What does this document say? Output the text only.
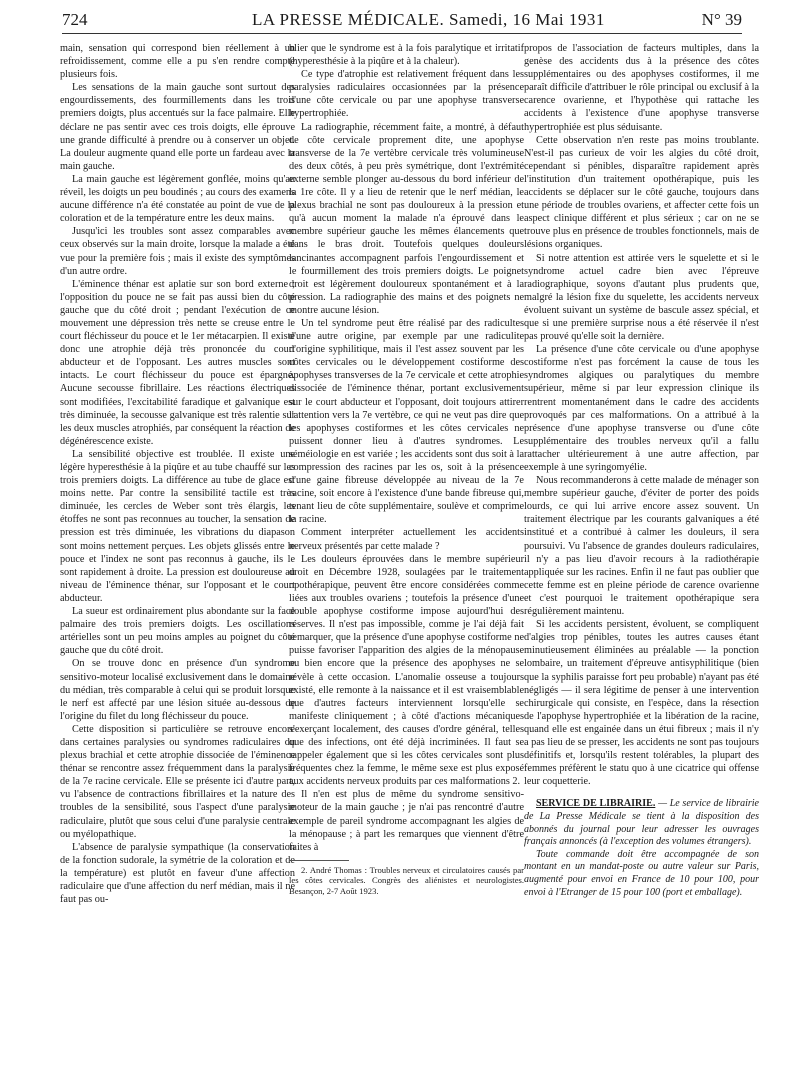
724	LA PRESSE MÉDICALE. Samedi, 16 Mai 1931	N° 39

main, sensation qui correspond bien réellement à un refroidissement, comme elle a pu s'en rendre compte plusieurs fois.

Les sensations de la main gauche sont surtout des engourdissements, des fourmillements dans les trois premiers doigts, plus accentués sur la face palmaire. Elle déclare ne pas sentir avec ces trois doigts, elle éprouve une grande difficulté à prendre ou à conserver un objet. La douleur augmente quand elle porte un fardeau avec la main gauche.

La main gauche est légèrement gonflée, moins qu'au réveil, les doigts un peu boudinés ; au cours des examens aucune différence n'a été constatée au point de vue de la coloration et de la température entre les deux mains.

Jusqu'ici les troubles sont assez comparables avec ceux observés sur la main droite, lorsque la malade a été vue pour la première fois ; mais il existe des symptômes d'un autre ordre.

L'éminence thénar est aplatie sur son bord externe ; l'opposition du pouce ne se fait pas aussi bien du côté gauche que du côté droit ; pendant l'exécution de ce mouvement une dépression très nette se creuse entre le court fléchisseur du pouce et le 1er métacarpien. Il existe donc une atrophie déjà très prononcée du court abducteur et de l'opposant. Les autres muscles sont intacts. Le court fléchisseur du pouce est épargné. Aucune secousse fibrillaire. Les réactions électriques sont modifiées, l'excitabilité faradique et galvanique est très diminuée, la secousse galvanique est très ralentie sur les deux muscles atrophiés, par conséquent la réaction de dégénérescence existe.

La sensibilité objective est troublée. Il existe une légère hyperesthésie à la piqûre et au tube chauffé sur les trois premiers doigts. La différence au tube de glace est moins nette. Par contre la sensibilité tactile est très diminuée, les cercles de Weber sont très élargis, les étoffes ne sont pas reconnues au toucher, la sensation de pression est très diminuée, les vibrations du diapason sont moins nettement perçues. Les objets glissés entre le pouce et l'index ne sont pas reconnus à gauche, ils le sont rapidement à droite. La pression est douloureuse au niveau de l'éminence thénar, sur l'opposant et le court abducteur.

La sueur est ordinairement plus abondante sur la face palmaire des trois premiers doigts. Les oscillations artérielles sont un peu moins amples au poignet du côté gauche que du côté droit.

On se trouve donc en présence d'un syndrome sensitivo-moteur localisé exclusivement dans le domaine du médian, très comparable à celui qui se produit lorsque le nerf est affecté par une lésion située au-dessous de l'origine du filet du long fléchisseur du pouce.

Cette disposition si particulière se retrouve encore dans certaines paralysies ou syndromes radiculaires du plexus brachial et cette atrophie dissociée de l'éminence thénar se rencontre assez fréquemment dans la paralysie de la 7e racine cervicale. Elle se présente ici d'autre part, vu l'absence de contractions fibrillaires et la nature des troubles de la sensibilité, sous l'aspect d'une paralysie radiculaire, plutôt que sous celui d'une paralysie centrale ou myélopathique.

L'absence de paralysie sympathique (la conservation de la fonction sudorale, la symétrie de la coloration et de la température) est plutôt en faveur d'une affection radiculaire que d'une affection du nerf médian, mais il ne faut pas ou-

blier que le syndrome est à la fois paralytique et irritatif (hyperesthésie à la piqûre et à la chaleur).

Ce type d'atrophie est relativement fréquent dans les paralysies radiculaires occasionnées par la présence d'une côte cervicale ou par une apophyse transverse hypertrophiée.

La radiographie, récemment faite, a montré, à défaut de côte cervicale proprement dite, une apophyse transverse de la 7e vertèbre cervicale très volumineuse des deux côtés, à peu près symétrique, dont l'extrémité externe semble plonger au-dessous du bord inférieur de la 1re côte. Il y a lieu de retenir que le nerf médian, le plexus brachial ne sont pas douloureux à la pression et qu'à aucun moment la malade n'a éprouvé dans le membre supérieur gauche les mêmes élancements que dans le bras droit. Toutefois quelques douleurs lancinantes accompagnent parfois l'engourdissement et le fourmillement des trois premiers doigts. Le poignet droit est légèrement douloureux spontanément et à la pression. La radiographie des mains et des poignets ne montre aucune lésion.

Un tel syndrome peut être réalisé par des radicultes d'une autre origine, par exemple par une radiculite d'origine syphilitique, mais il l'est assez souvent par les côtes cervicales ou le développement costiforme des apophyses transverses de la 7e cervicale et cette atrophie dissociée de l'éminence thénar, portant exclusivement sur le court abducteur et l'opposant, doit toujours attirer l'attention vers la 7e vertèbre, ce qui ne veut pas dire que les apophyses costiformes et les côtes cervicales ne puissent donner lieu à d'autres syndromes. Le séméiologie en est variée ; les accidents sont dus soit à la compression des racines par les os, soit à la présence d'une gaine fibreuse développée au niveau de la 7e racine, soit encore à l'existence d'une bande fibreuse qui, tenant lieu de côte supplémentaire, soulève et comprime la racine.

Comment interpréter actuellement les accidents nerveux présentés par cette malade ?

Les douleurs éprouvées dans le membre supérieur droit en Décembre 1928, soulagées par le traitement opothérapique, peuvent être encore considérées comme liées aux troubles ovariens ; toutefois la présence d'une double apophyse costiforme impose aujourd'hui des réserves. Il n'est pas impossible, comme je l'ai déjà fait remarquer, que la présence d'une apophyse costiforme ne puisse favoriser l'apparition des algies de la ménopause ou bien encore que la présence des apophyses ne se révèle à cette occasion. L'anomalie osseuse a toujours existé, elle remonte à la naissance et il est vraisemblable que d'autres facteurs interviennent lorsqu'elle se manifeste cliniquement ; à côté d'actions mécaniques s'exerçant localement, des causes d'ordre général, telles que des infections, ont été déjà incriminées. Il faut se rappeler également que si les côtes cervicales sont plus fréquentes chez la femme, le même sexe est plus exposé aux accidents nerveux produits par ces malformations 2.

Il n'en est plus de même du syndrome sensitivo-moteur de la main gauche ; je n'ai pas rencontré d'autre exemple de pareil syndrome accompagnant les algies de la ménopause ; à part les remarques que viennent d'être faites à

2. André Thomas : Troubles nerveux et circulatoires causés par les côtes cervicales. Congrès des aliénistes et neurologistes. Besançon, 2-7 Août 1923.

propos de l'association de facteurs multiples, dans la genèse des accidents dus à la présence des côtes supplémentaires ou des apophyses costiformes, il me paraît difficile d'attribuer le rôle principal ou exclusif à la carence ovarienne, et l'hypothèse qui rattache les accidents à l'existence d'une apophyse transverse hypertrophiée est plus séduisante.

Cette observation n'en reste pas moins troublante. N'est-il pas curieux de voir les algies du côté droit, cependant si pénibles, disparaître rapidement après l'institution d'un traitement opothérapique, puis les accidents se déplacer sur le côté gauche, toujours dans une période de troubles ovariens, et affecter cette fois un aspect clinique différent et plus sérieux ; car on ne se trouve plus en présence de troubles fonctionnels, mais de lésions organiques.

Si notre attention est attirée vers le squelette et si le syndrome actuel cadre bien avec l'épreuve radiographique, soyons d'autant plus prudents que, malgré la lésion fixe du squelette, les accidents nerveux évoluent suivant un système de bascule assez spécial, et que si une première surprise nous a été réservée il n'est pas prouvé qu'elle soit la dernière.

La présence d'une côte cervicale ou d'une apophyse costiforme n'est pas forcément la cause de tous les syndromes algiques ou paralytiques du membre supérieur, même si par leur expression clinique ils rentrent momentanément dans le cadre des accidents provoqués par ces malformations. On a attribué à la présence d'une apophyse transverse ou d'une côte supplémentaire des troubles nerveux qu'il a fallu rattacher ultérieurement à une autre affection, par exemple à une syringomyélie.

Nous recommanderons à cette malade de ménager son membre supérieur gauche, d'éviter de porter des poids lourds, ce qui lui arrive encore assez souvent. Un traitement électrique par les courants galvaniques a été institué et a contribué à calmer les douleurs, il sera poursuivi. Vu l'absence de grandes douleurs radiculaires, il n'y a pas lieu d'avoir recours à la radiothérapie appliquée sur les racines. Enfin il ne faut pas oublier que cette femme est en pleine période de carence ovarienne et c'est pourquoi le traitement opothérapique sera régulièrement maintenu.

Si les accidents persistent, évoluent, se compliquent d'algies trop pénibles, toutes les autres causes étant minutieusement éliminées au préalable — la ponction lombaire, un traitement d'épreuve antisyphilitique (bien que la syphilis paraisse fort peu probable) n'ayant pas été négligés — il sera légitime de penser à une intervention chirurgicale qui consiste, en l'espèce, dans la résection de l'apophyse hypertrophiée et la libération de la racine, quand elle est engainée dans un étui fibreux ; mais il n'y a pas lieu de se presser, les accidents ne sont pas toujours définitifs et, lorsqu'ils restent tolérables, la plupart des femmes préfèrent le statu quo à une cicatrice qui offense leur coquetterie.

SERVICE DE LIBRAIRIE. — Le service de librairie de La Presse Médicale se tient à la disposition des abonnés du journal pour leur adresser les ouvrages français annoncés (à l'exception des volumes étrangers).

Toute commande doit être accompagnée de son montant en un mandat-poste ou autre valeur sur Paris, augmenté pour envoi en France de 10 pour 100, pour envoi à l'Etranger de 15 pour 100 (port et emballage).
